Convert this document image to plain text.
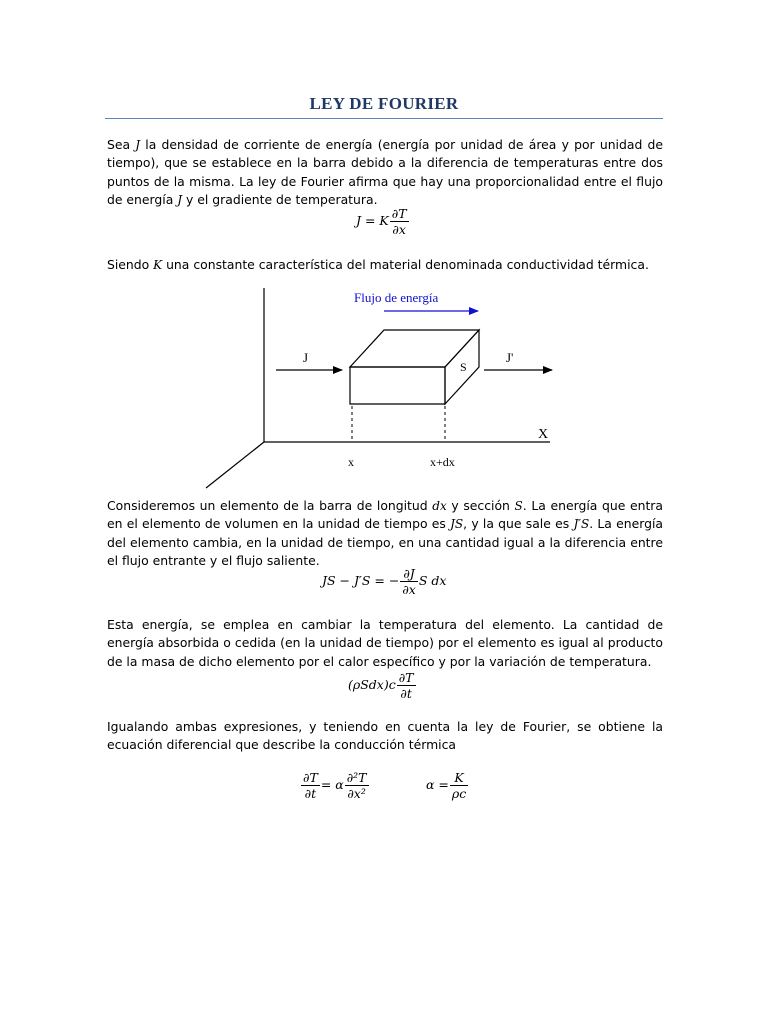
LEY DE FOURIER
Sea J la densidad de corriente de energía (energía por unidad de área y por unidad de tiempo), que se establece en la barra debido a la diferencia de temperaturas entre dos puntos de la misma. La ley de Fourier afirma que hay una proporcionalidad entre el flujo de energía J y el gradiente de temperatura.
J = K $\frac{\partial T}{\partial x}$
Siendo K una constante característica del material denominada conductividad térmica.
X
S
x	x+dx
J	J'
Flujo de energía
Consideremos un elemento de la barra de longitud dx y sección S. La energía que entra en el elemento de volumen en la unidad de tiempo es JS, y la que sale es J′S. La energía del elemento cambia, en la unidad de tiempo, en una cantidad igual a la diferencia entre el flujo entrante y el flujo saliente.
JS − J′S = − $\frac{\partial J}{\partial x}$ S dx
Esta energía, se emplea en cambiar la temperatura del elemento. La cantidad de energía absorbida o cedida (en la unidad de tiempo) por el elemento es igual al producto de la masa de dicho elemento por el calor específico y por la variación de temperatura.
$(\rho Sdx)c \frac{\partial T}{\partial t}$
Igualando ambas expresiones, y teniendo en cuenta la ley de Fourier, se obtiene la ecuación diferencial que describe la conducción térmica
$\frac{\partial T}{\partial t} = \alpha \frac{\text{∂²T}}{\text{∂x²}}$	$\alpha = \frac{K}{\rho c}$
